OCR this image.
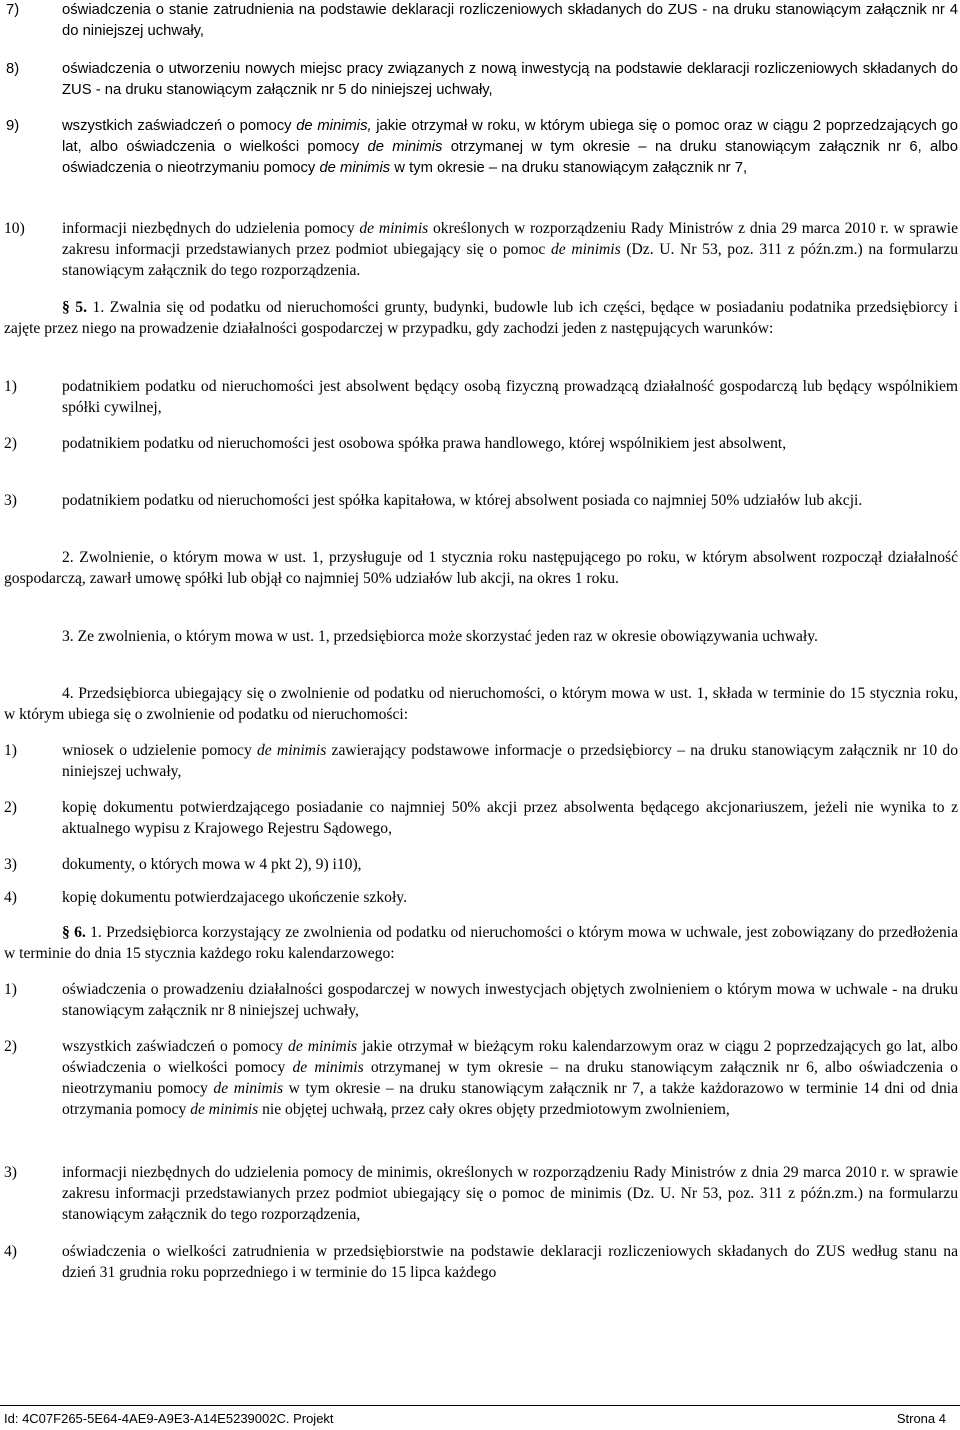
7)	oświadczenia o stanie zatrudnienia na podstawie deklaracji rozliczeniowych składanych do ZUS - na druku stanowiącym załącznik nr 4 do niniejszej uchwały,
8)	oświadczenia o utworzeniu nowych miejsc pracy związanych z nową inwestycją na podstawie deklaracji rozliczeniowych składanych do ZUS - na druku stanowiącym załącznik nr 5 do niniejszej uchwały,
9)	wszystkich zaświadczeń o pomocy de minimis, jakie otrzymał w roku, w którym ubiega się o pomoc oraz w ciągu 2 poprzedzających go lat, albo oświadczenia o wielkości pomocy de minimis otrzymanej w tym okresie – na druku stanowiącym załącznik nr 6, albo oświadczenia o nieotrzymaniu pomocy de minimis w tym okresie – na druku stanowiącym załącznik nr 7,
10) informacji niezbędnych do udzielenia pomocy de minimis określonych w rozporządzeniu Rady Ministrów z dnia 29 marca 2010 r. w sprawie zakresu informacji przedstawianych przez podmiot ubiegający się o pomoc de minimis (Dz. U. Nr 53, poz. 311 z późn.zm.) na formularzu stanowiącym załącznik do tego rozporządzenia.
§ 5. 1. Zwalnia się od podatku od nieruchomości grunty, budynki, budowle lub ich części, będące w posiadaniu podatnika przedsiębiorcy i zajęte przez niego na prowadzenie działalności gospodarczej w przypadku, gdy zachodzi jeden z następujących warunków:
1)	podatnikiem podatku od nieruchomości jest absolwent będący osobą fizyczną prowadzącą działalność gospodarczą lub będący wspólnikiem spółki cywilnej,
2)	podatnikiem podatku od nieruchomości jest osobowa spółka prawa handlowego, której wspólnikiem jest absolwent,
3)	podatnikiem podatku od nieruchomości jest spółka kapitałowa, w której absolwent posiada co najmniej 50% udziałów lub akcji.
2. Zwolnienie, o którym mowa w ust. 1, przysługuje od 1 stycznia roku następującego po roku, w którym absolwent rozpoczął działalność gospodarczą, zawarł umowę spółki lub objął co najmniej 50% udziałów lub akcji, na okres 1 roku.
3. Ze zwolnienia, o którym mowa w ust. 1, przedsiębiorca może skorzystać jeden raz w okresie obowiązywania uchwały.
4. Przedsiębiorca ubiegający się o zwolnienie od podatku od nieruchomości, o którym mowa w ust. 1, składa w terminie do 15 stycznia roku, w którym ubiega się o zwolnienie od podatku od nieruchomości:
1)	wniosek o udzielenie pomocy de minimis zawierający podstawowe informacje o przedsiębiorcy – na druku stanowiącym załącznik nr 10 do niniejszej uchwały,
2)	kopię dokumentu potwierdzającego posiadanie co najmniej 50% akcji przez absolwenta będącego akcjonariuszem, jeżeli nie wynika to z aktualnego wypisu z Krajowego Rejestru Sądowego,
3)	dokumenty, o których mowa w 4 pkt 2), 9) i10),
4)	kopię dokumentu potwierdzajacego ukończenie szkoły.
§ 6. 1. Przedsiębiorca korzystający ze zwolnienia od podatku od nieruchomości o którym mowa w uchwale, jest zobowiązany do przedłożenia w terminie do dnia 15 stycznia każdego roku kalendarzowego:
1)	oświadczenia o prowadzeniu działalności gospodarczej w nowych inwestycjach objętych zwolnieniem o którym mowa w uchwale - na druku stanowiącym załącznik nr 8 niniejszej uchwały,
2)	wszystkich zaświadczeń o pomocy de minimis jakie otrzymał w bieżącym roku kalendarzowym oraz w ciągu 2 poprzedzających go lat, albo oświadczenia o wielkości pomocy de minimis otrzymanej w tym okresie – na druku stanowiącym załącznik nr 6, albo oświadczenia o nieotrzymaniu pomocy de minimis w tym okresie – na druku stanowiącym załącznik nr 7, a także każdorazowo w terminie 14 dni od dnia otrzymania pomocy de minimis nie objętej uchwałą, przez cały okres objęty przedmiotowym zwolnieniem,
3)	informacji niezbędnych do udzielenia pomocy de minimis, określonych w rozporządzeniu Rady Ministrów z dnia 29 marca 2010 r. w sprawie zakresu informacji przedstawianych przez podmiot ubiegający się o pomoc de minimis (Dz. U. Nr 53, poz. 311 z późn.zm.) na formularzu stanowiącym załącznik do tego rozporządzenia,
4)	oświadczenia o wielkości zatrudnienia w przedsiębiorstwie na podstawie deklaracji rozliczeniowych składanych do ZUS według stanu na dzień 31 grudnia roku poprzedniego i w terminie do 15 lipca każdego
Id: 4C07F265-5E64-4AE9-A9E3-A14E5239002C. Projekt	Strona 4
